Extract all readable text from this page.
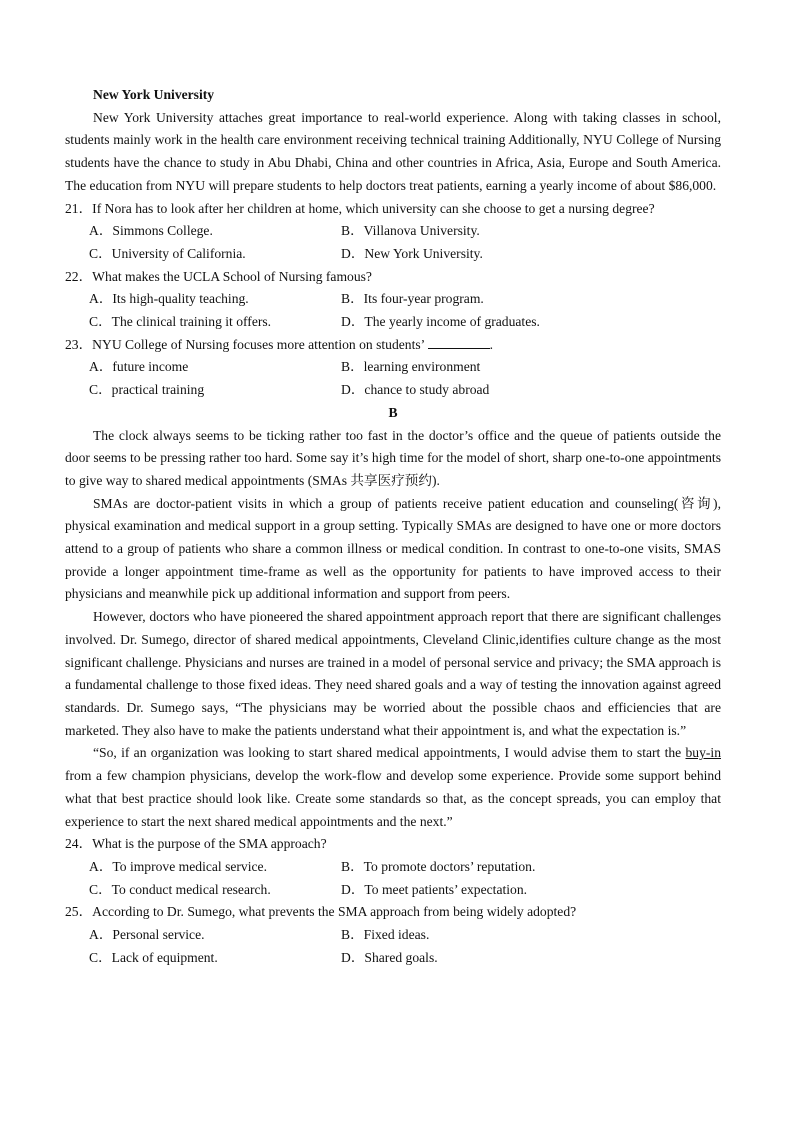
New York University

New York University attaches great importance to real-world experience. Along with taking classes in school, students mainly work in the health care environment receiving technical training Additionally, NYU College of Nursing students have the chance to study in Abu Dhabi, China and other countries in Africa, Asia, Europe and South America. The education from NYU will prepare students to help doctors treat patients, earning a yearly income of about $86,000.

21．If Nora has to look after her children at home, which university can she choose to get a nursing degree?

A．Simmons College.	B．Villanova University.
C．University of California.	D．New York University.

22．What makes the UCLA School of Nursing famous?

A．Its high-quality teaching.	B．Its four-year program.
C．The clinical training it offers.	D．The yearly income of graduates.

23．NYU College of Nursing focuses more attention on students’	.

A．future income	B．learning environment
C．practical training	D．chance to study abroad

B

The clock always seems to be ticking rather too fast in the doctor’s office and the queue of patients outside the door seems to be pressing rather too hard. Some say it’s high time for the model of short, sharp one-to-one appointments to give way to shared medical appointments (SMAs 共享医疗预约).

SMAs are doctor-patient visits in which a group of patients receive patient education and counseling(咨询), physical examination and medical support in a group setting. Typically SMAs are designed to have one or more doctors attend to a group of patients who share a common illness or medical condition. In contrast to one-to-one visits, SMAS provide a longer appointment time-frame as well as the opportunity for patients to have improved access to their physicians and meanwhile pick up additional information and support from peers.

However, doctors who have pioneered the shared appointment approach report that there are significant challenges involved. Dr. Sumego, director of shared medical appointments, Cleveland Clinic,identifies culture change as the most significant challenge. Physicians and nurses are trained in a model of personal service and privacy; the SMA approach is a fundamental challenge to those fixed ideas. They need shared goals and a way of testing the innovation against agreed standards. Dr. Sumego says, “The physicians may be worried about the possible chaos and efficiencies that are marketed. They also have to make the patients understand what their appointment is, and what the expectation is.”

“So, if an organization was looking to start shared medical appointments, I would advise them to start the buy-in from a few champion physicians, develop the work-flow and develop some experience. Provide some support behind what that best practice should look like. Create some standards so that, as the concept spreads, you can employ that experience to start the next shared medical appointments and the next.”

24．What is the purpose of the SMA approach?

A．To improve medical service.	B．To promote doctors’ reputation.
C．To conduct medical research.	D．To meet patients’ expectation.

25．According to Dr. Sumego, what prevents the SMA approach from being widely adopted?

A．Personal service.	B．Fixed ideas.
C．Lack of equipment.	D．Shared goals.
